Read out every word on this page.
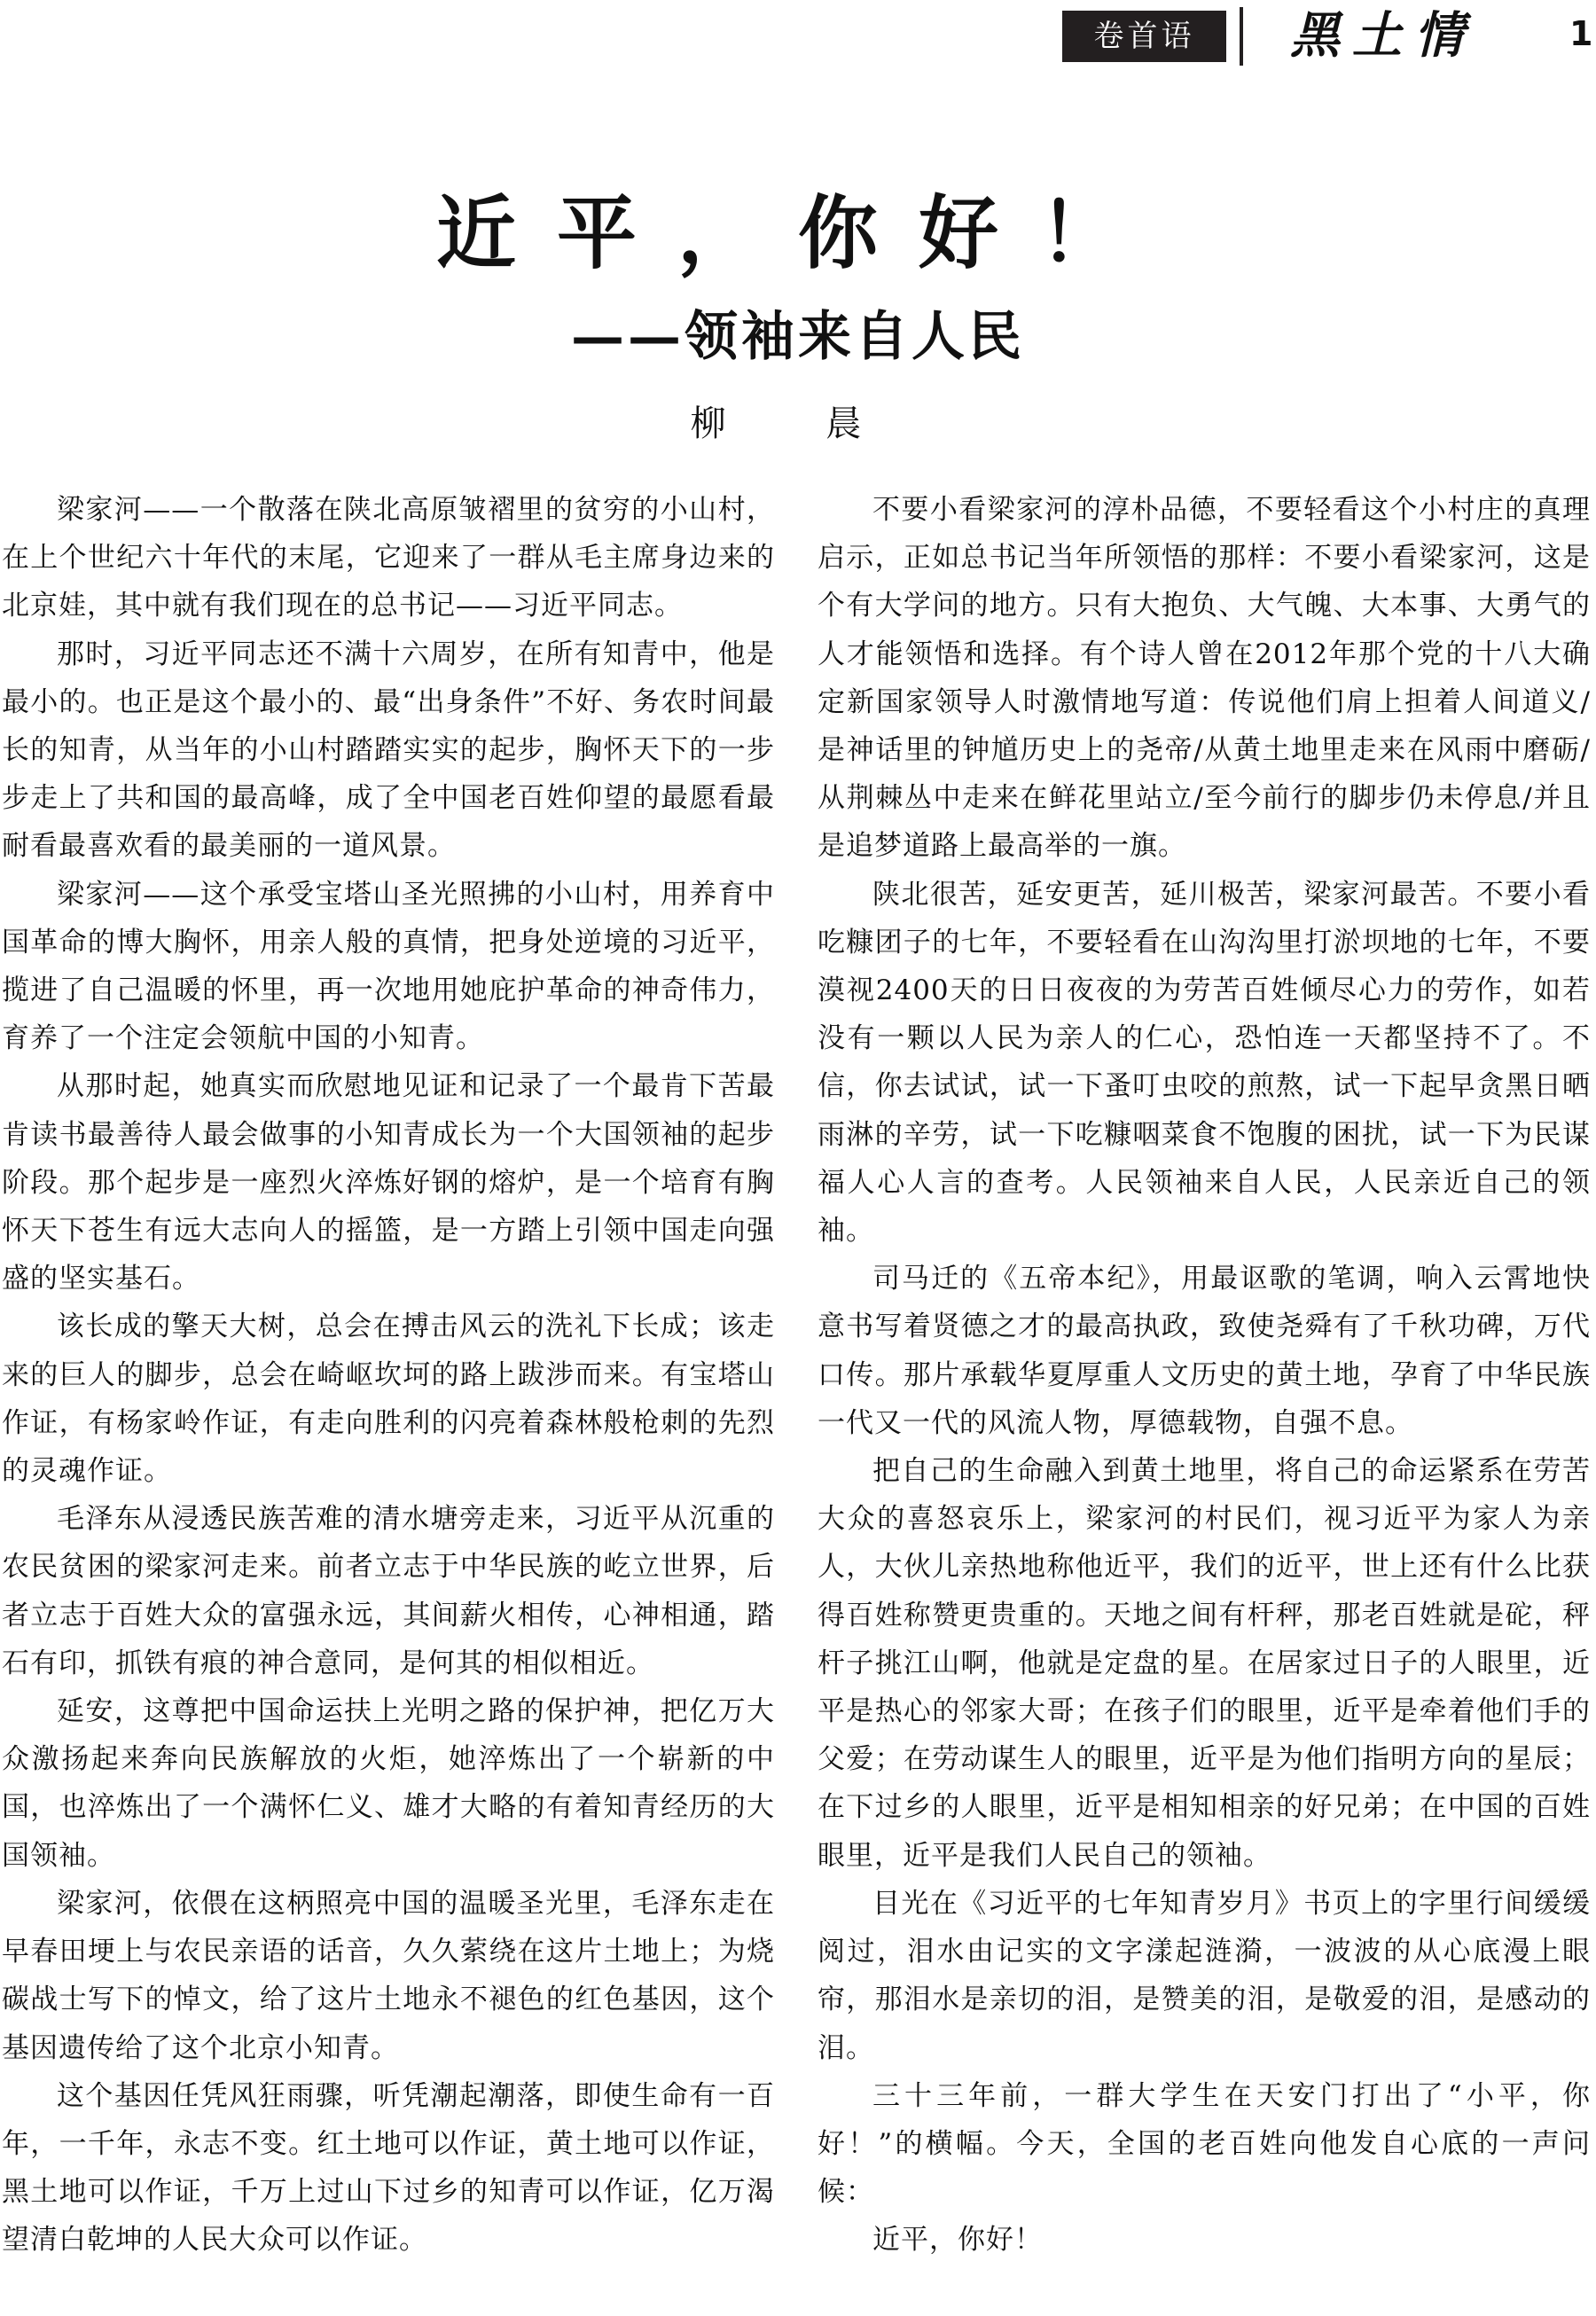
卷首语	黑土情	1
近平，你好！
——领袖来自人民
柳 晨

梁家河——一个散落在陕北高原皱褶里的贫穷的小山村，在上个世纪六十年代的末尾，它迎来了一群从毛主席身边来的北京娃，其中就有我们现在的总书记——习近平同志。

那时，习近平同志还不满十六周岁，在所有知青中，他是最小的。也正是这个最小的、最“出身条件”不好、务农时间最长的知青，从当年的小山村踏踏实实的起步，胸怀天下的一步步走上了共和国的最高峰，成了全中国老百姓仰望的最愿看最耐看最喜欢看的最美丽的一道风景。

梁家河——这个承受宝塔山圣光照拂的小山村，用养育中国革命的博大胸怀，用亲人般的真情，把身处逆境的习近平，揽进了自己温暖的怀里，再一次地用她庇护革命的神奇伟力，育养了一个注定会领航中国的小知青。

从那时起，她真实而欣慰地见证和记录了一个最肯下苦最肯读书最善待人最会做事的小知青成长为一个大国领袖的起步阶段。那个起步是一座烈火淬炼好钢的熔炉，是一个培育有胸怀天下苍生有远大志向人的摇篮，是一方踏上引领中国走向强盛的坚实基石。

该长成的擎天大树，总会在搏击风云的洗礼下长成；该走来的巨人的脚步，总会在崎岖坎坷的路上跋涉而来。有宝塔山作证，有杨家岭作证，有走向胜利的闪亮着森林般枪刺的先烈的灵魂作证。

毛泽东从浸透民族苦难的清水塘旁走来，习近平从沉重的农民贫困的梁家河走来。前者立志于中华民族的屹立世界，后者立志于百姓大众的富强永远，其间薪火相传，心神相通，踏石有印，抓铁有痕的神合意同，是何其的相似相近。

延安，这尊把中国命运扶上光明之路的保护神，把亿万大众激扬起来奔向民族解放的火炬，她淬炼出了一个崭新的中国，也淬炼出了一个满怀仁义、雄才大略的有着知青经历的大国领袖。

梁家河，依偎在这柄照亮中国的温暖圣光里，毛泽东走在早春田埂上与农民亲语的话音，久久萦绕在这片土地上；为烧碳战士写下的悼文，给了这片土地永不褪色的红色基因，这个基因遗传给了这个北京小知青。

这个基因任凭风狂雨骤，听凭潮起潮落，即使生命有一百年，一千年，永志不变。红土地可以作证，黄土地可以作证，黑土地可以作证，千万上过山下过乡的知青可以作证，亿万渴望清白乾坤的人民大众可以作证。

不要小看梁家河的淳朴品德，不要轻看这个小村庄的真理启示，正如总书记当年所领悟的那样：不要小看梁家河，这是个有大学问的地方。只有大抱负、大气魄、大本事、大勇气的人才能领悟和选择。有个诗人曾在2012年那个党的十八大确定新国家领导人时激情地写道：传说他们肩上担着人间道义/是神话里的钟馗历史上的尧帝/从黄土地里走来在风雨中磨砺/从荆棘丛中走来在鲜花里站立/至今前行的脚步仍未停息/并且是追梦道路上最高举的一旗。

陕北很苦，延安更苦，延川极苦，梁家河最苦。不要小看吃糠团子的七年，不要轻看在山沟沟里打淤坝地的七年，不要漠视2400天的日日夜夜的为劳苦百姓倾尽心力的劳作，如若没有一颗以人民为亲人的仁心，恐怕连一天都坚持不了。不信，你去试试，试一下蚤叮虫咬的煎熬，试一下起早贪黑日晒雨淋的辛劳，试一下吃糠咽菜食不饱腹的困扰，试一下为民谋福人心人言的查考。人民领袖来自人民，人民亲近自己的领袖。

司马迁的《五帝本纪》，用最讴歌的笔调，响入云霄地快意书写着贤德之才的最高执政，致使尧舜有了千秋功碑，万代口传。那片承载华夏厚重人文历史的黄土地，孕育了中华民族一代又一代的风流人物，厚德载物，自强不息。

把自己的生命融入到黄土地里，将自己的命运紧系在劳苦大众的喜怒哀乐上，梁家河的村民们，视习近平为家人为亲人，大伙儿亲热地称他近平，我们的近平，世上还有什么比获得百姓称赞更贵重的。天地之间有杆秤，那老百姓就是砣，秤杆子挑江山啊，他就是定盘的星。在居家过日子的人眼里，近平是热心的邻家大哥；在孩子们的眼里，近平是牵着他们手的父爱；在劳动谋生人的眼里，近平是为他们指明方向的星辰；在下过乡的人眼里，近平是相知相亲的好兄弟；在中国的百姓眼里，近平是我们人民自己的领袖。

目光在《习近平的七年知青岁月》书页上的字里行间缓缓阅过，泪水由记实的文字漾起涟漪，一波波的从心底漫上眼帘，那泪水是亲切的泪，是赞美的泪，是敬爱的泪，是感动的泪。

三十三年前，一群大学生在天安门打出了“小平，你好！”的横幅。今天，全国的老百姓向他发自心底的一声问候：

近平，你好！
